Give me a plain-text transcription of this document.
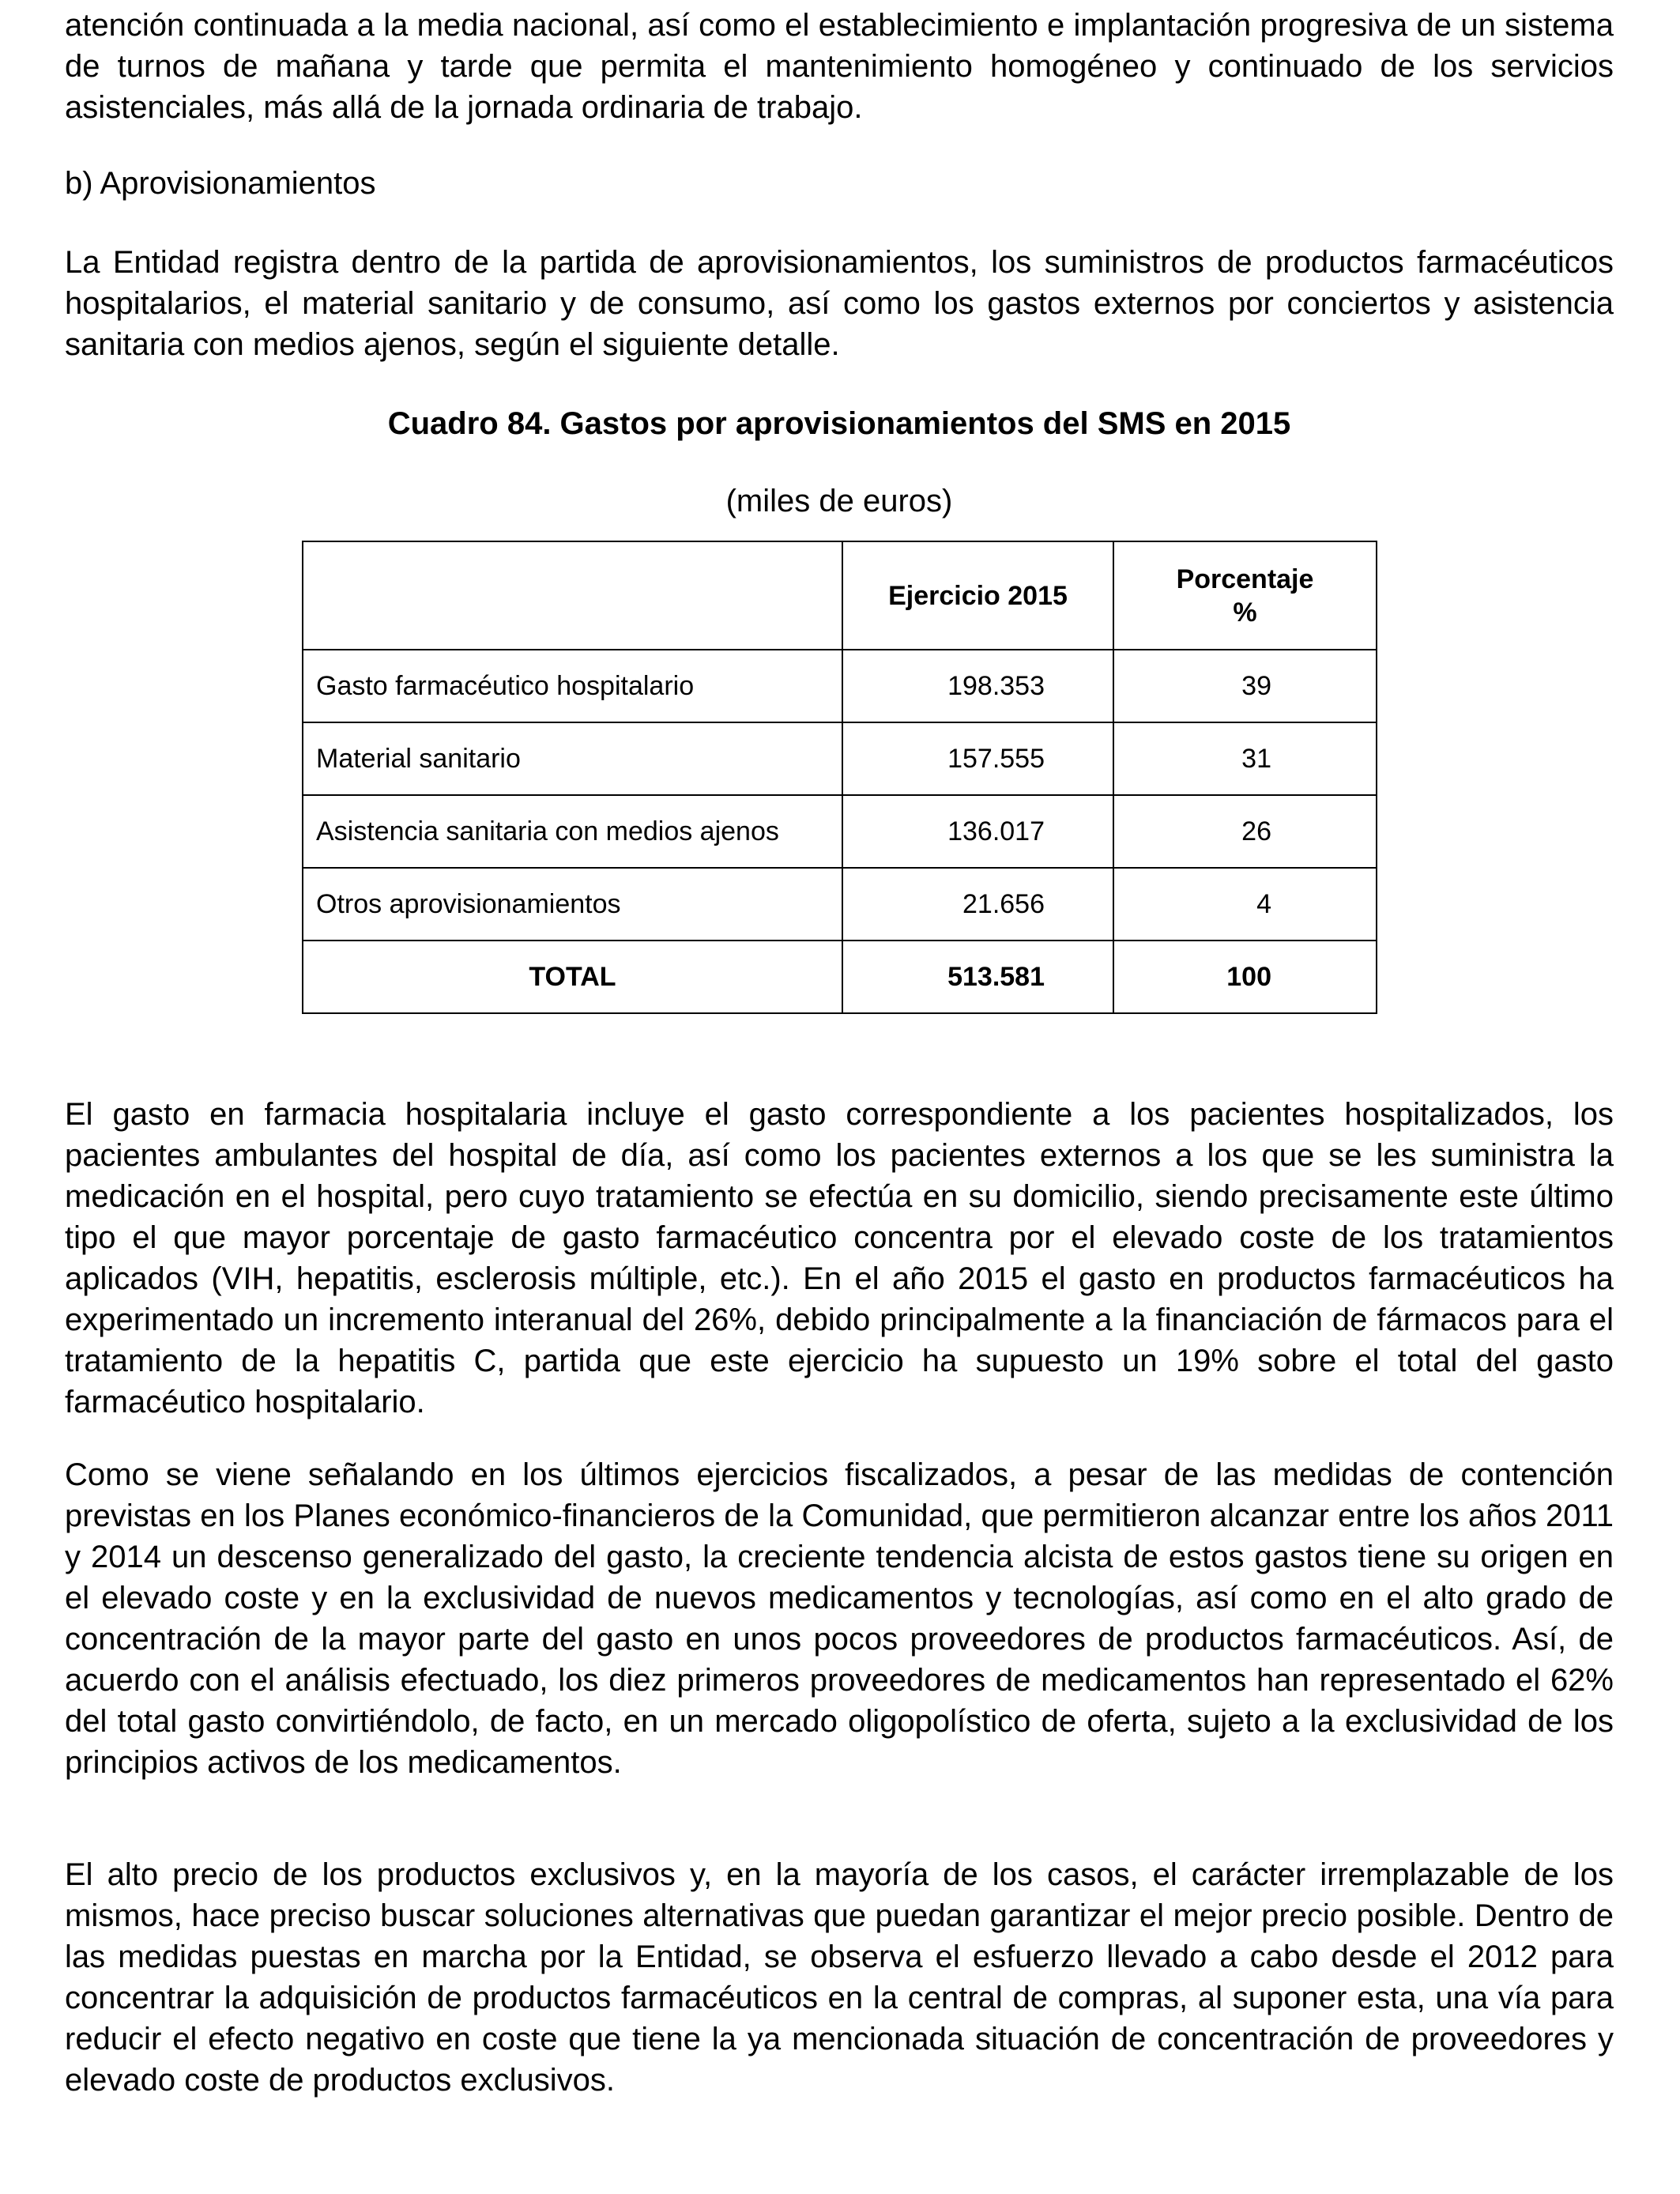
atención continuada a la media nacional, así como el establecimiento e implantación progresiva de un sistema de turnos de mañana y tarde que permita el mantenimiento homogéneo y continuado de los servicios asistenciales, más allá de la jornada ordinaria de trabajo.

b) Aprovisionamientos

La Entidad registra dentro de la partida de aprovisionamientos, los suministros de productos farmacéuticos hospitalarios, el material sanitario y de consumo, así como los gastos externos por conciertos y asistencia sanitaria con medios ajenos, según el siguiente detalle.

Cuadro 84. Gastos por aprovisionamientos del SMS en 2015
(miles de euros)
	Ejercicio 2015	Porcentaje %
Gasto farmacéutico hospitalario	198.353	39
Material sanitario	157.555	31
Asistencia sanitaria con medios ajenos	136.017	26
Otros aprovisionamientos	21.656	4
TOTAL	513.581	100

El gasto en farmacia hospitalaria incluye el gasto correspondiente a los pacientes hospitalizados, los pacientes ambulantes del hospital de día, así como los pacientes externos a los que se les suministra la medicación en el hospital, pero cuyo tratamiento se efectúa en su domicilio, siendo precisamente este último tipo el que mayor porcentaje de gasto farmacéutico concentra por el elevado coste de los tratamientos aplicados (VIH, hepatitis, esclerosis múltiple, etc.). En el año 2015 el gasto en productos farmacéuticos ha experimentado un incremento interanual del 26%, debido principalmente a la financiación de fármacos para el tratamiento de la hepatitis C, partida que este ejercicio ha supuesto un 19% sobre el total del gasto farmacéutico hospitalario.

Como se viene señalando en los últimos ejercicios fiscalizados, a pesar de las medidas de contención previstas en los Planes económico-financieros de la Comunidad, que permitieron alcanzar entre los años 2011 y 2014 un descenso generalizado del gasto, la creciente tendencia alcista de estos gastos tiene su origen en el elevado coste y en la exclusividad de nuevos medicamentos y tecnologías, así como en el alto grado de concentración de la mayor parte del gasto en unos pocos proveedores de productos farmacéuticos. Así, de acuerdo con el análisis efectuado, los diez primeros proveedores de medicamentos han representado el 62% del total gasto convirtiéndolo, de facto, en un mercado oligopolístico de oferta, sujeto a la exclusividad de los principios activos de los medicamentos.

El alto precio de los productos exclusivos y, en la mayoría de los casos, el carácter irremplazable de los mismos, hace preciso buscar soluciones alternativas que puedan garantizar el mejor precio posible. Dentro de las medidas puestas en marcha por la Entidad, se observa el esfuerzo llevado a cabo desde el 2012 para concentrar la adquisición de productos farmacéuticos en la central de compras, al suponer esta, una vía para reducir el efecto negativo en coste que tiene la ya mencionada situación de concentración de proveedores y elevado coste de productos exclusivos.
